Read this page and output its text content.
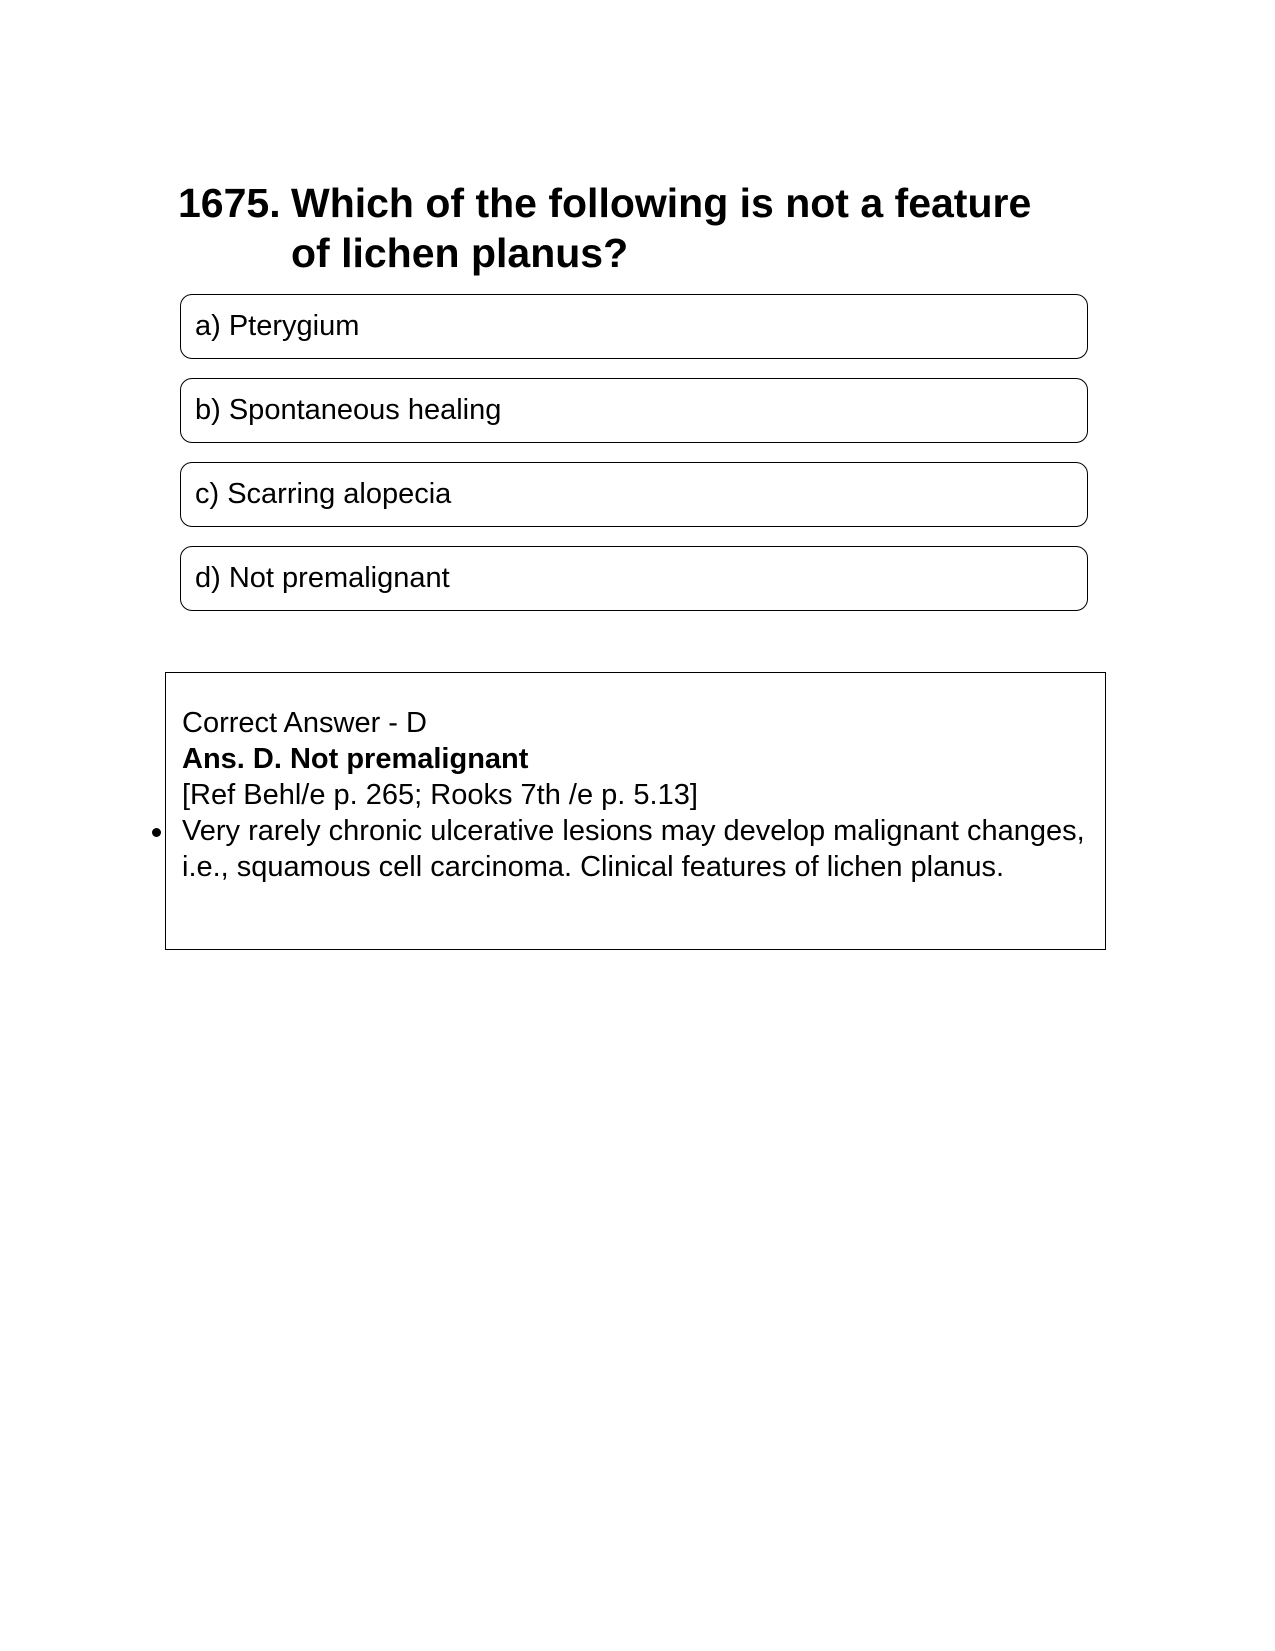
1675. Which of the following is not a feature of lichen planus?
a) Pterygium
b) Spontaneous healing
c) Scarring alopecia
d) Not premalignant
Correct Answer - D
Ans. D. Not premalignant
[Ref Behl/e p. 265; Rooks 7th /e p. 5.13]
Very rarely chronic ulcerative lesions may develop malignant changes, i.e., squamous cell carcinoma. Clinical features of lichen planus.
